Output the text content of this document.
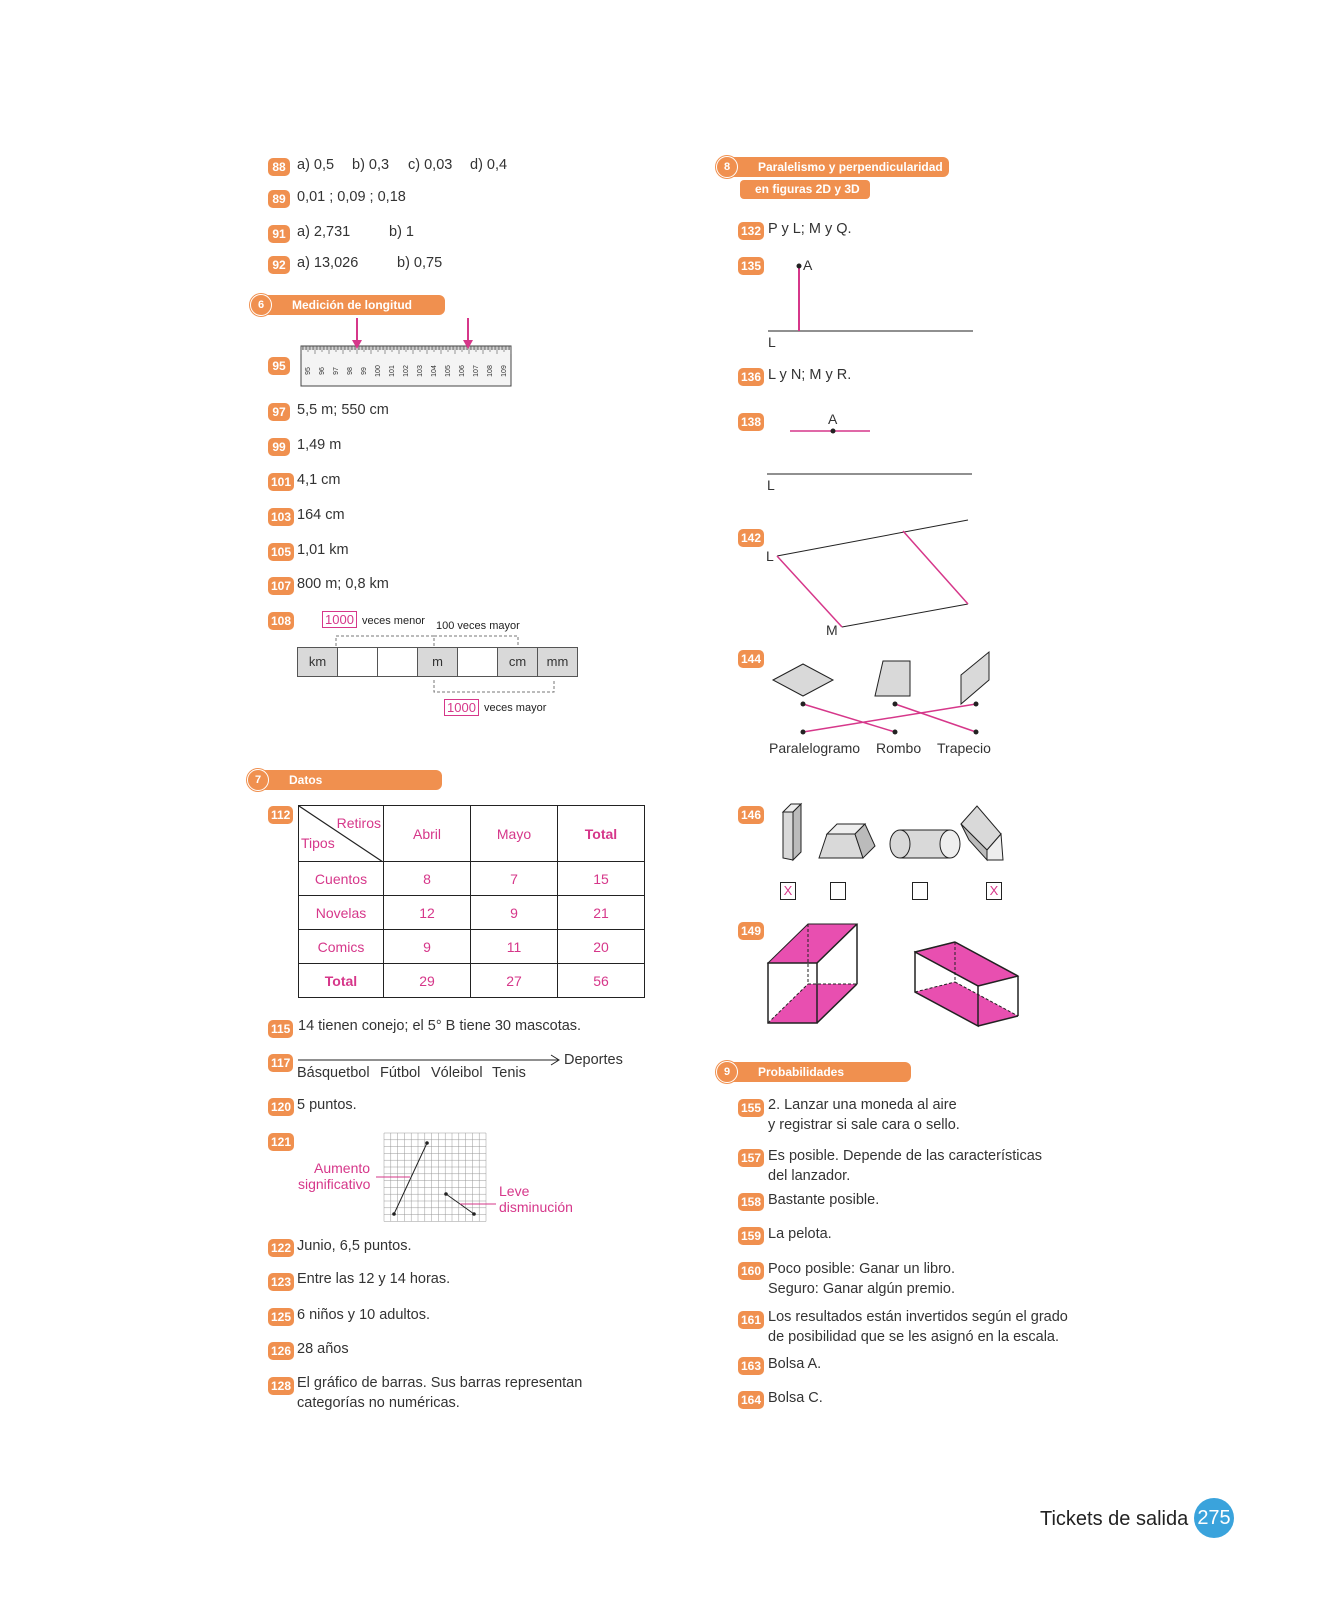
88 a) 0,5 b) 0,3 c) 0,03 d) 0,4
89 0,01 ; 0,09 ; 0,18
91 a) 2,731	b) 1
92 a) 13,026	b) 0,75
6	Medición de longitud
95	95 96 97 98 99 100 101 102 103 104 105 106 107 108 109
97 5,5 m; 550 cm
99 1,49 m
101 4,1 cm
103 164 cm
105 1,01 km
107 800 m; 0,8 km
108	1000 veces menor 100 veces mayor
km	m	cm	mm
1000 veces mayor
7	Datos
112	Retiros
Tipos	Abril	Mayo	Total
Cuentos	8	7	15
Novelas	12	9	21
Comics	9	11	20
Total	29	27	56
115 14 tienen conejo; el 5° B tiene 30 mascotas.
117	Deportes
Básquetbol Fútbol Vóleibol Tenis
120 5 puntos.
121
Aumento
significativo	Leve
disminución
122 Junio, 6,5 puntos.
123 Entre las 12 y 14 horas.
125 6 niños y 10 adultos.
126 28 años
128 El gráfico de barras. Sus barras representan
categorías no numéricas.
8	Paralelismo y perpendicularidad
en figuras 2D y 3D
132 P y L; M y Q.
135	A
L
136 L y N; M y R.
138	A
L
142
L
M
144
Paralelogramo Rombo Trapecio
146
X	X
149
9	Probabilidades
155 2. Lanzar una moneda al aire
y registrar si sale cara o sello.
157 Es posible. Depende de las características
del lanzador.
158 Bastante posible.
159 La pelota.
160 Poco posible: Ganar un libro.
Seguro: Ganar algún premio.
161 Los resultados están invertidos según el grado
de posibilidad que se les asignó en la escala.
163 Bolsa A.
164 Bolsa C.
Tickets de salida 275
